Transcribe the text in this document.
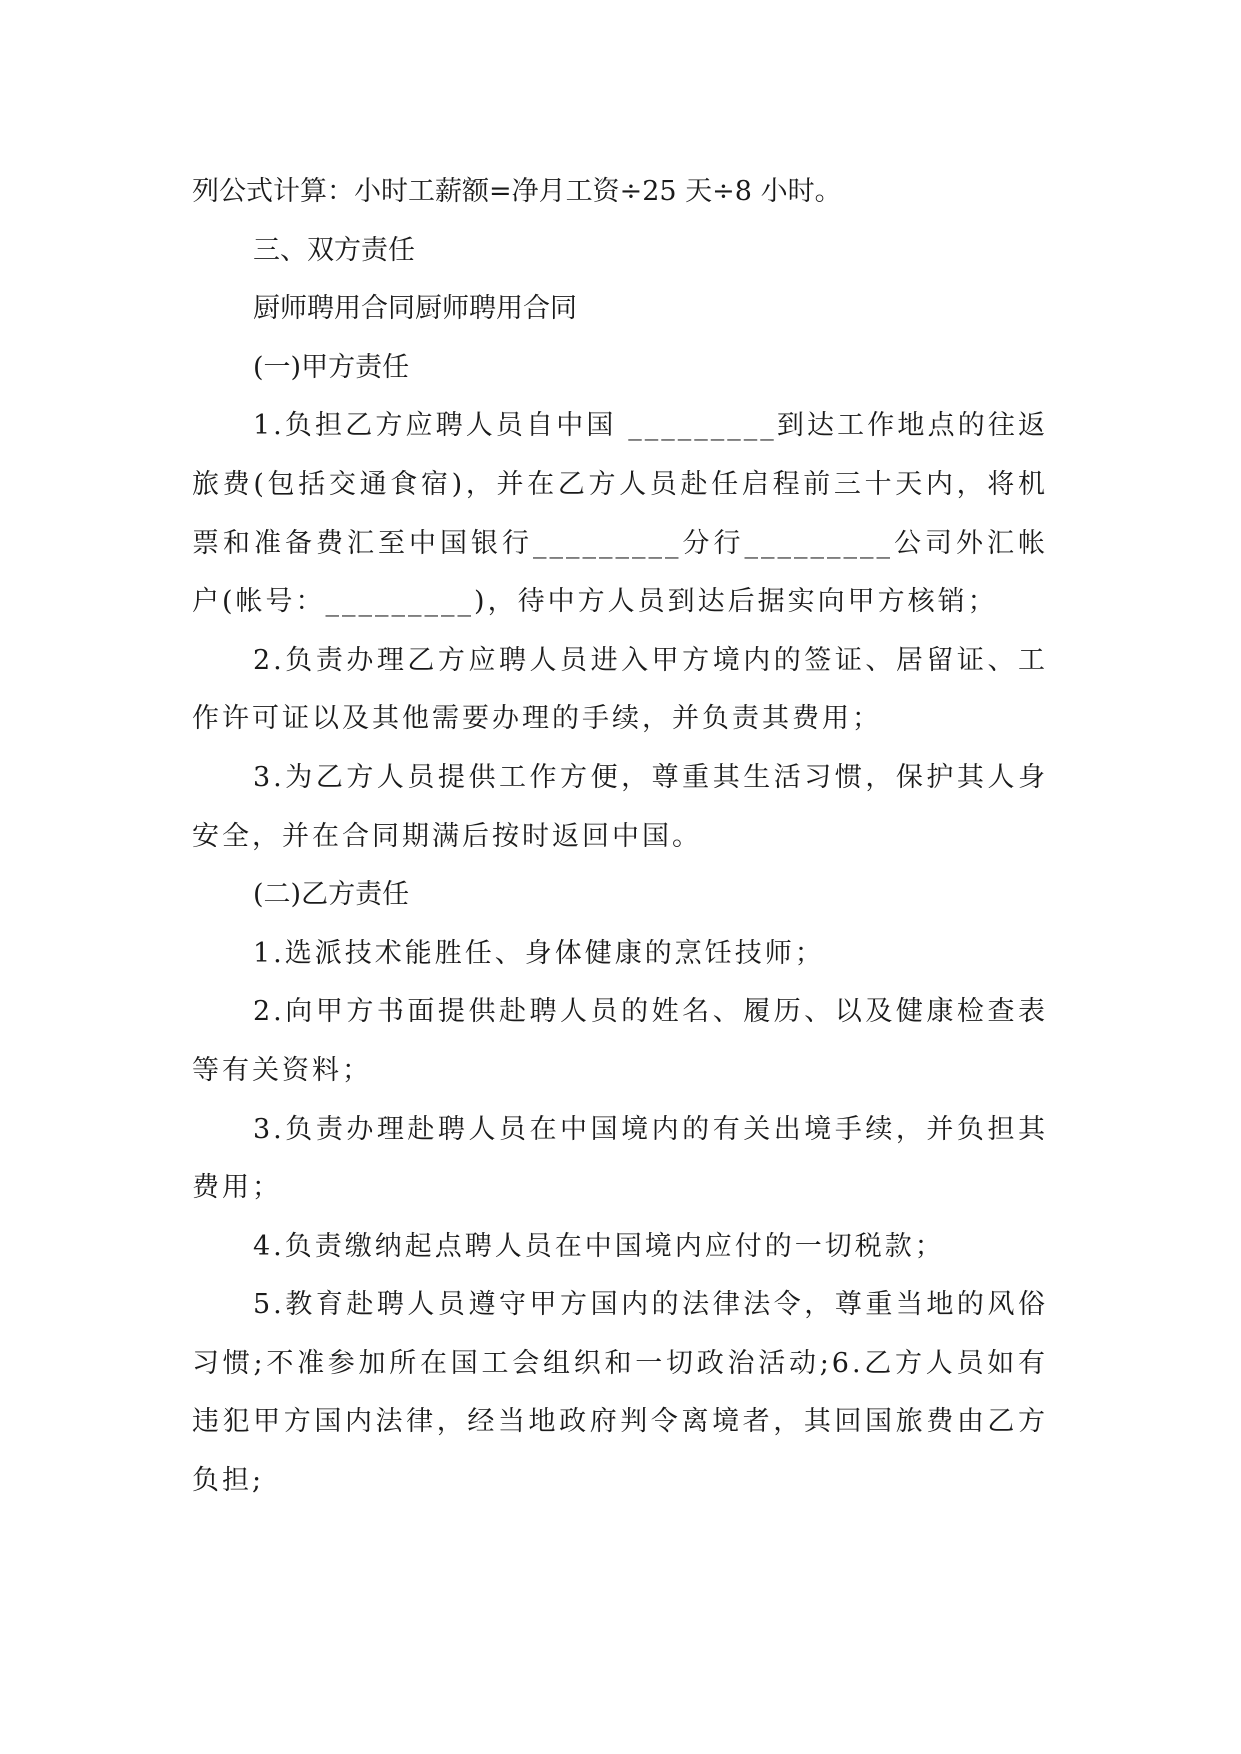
列公式计算：小时工薪额=净月工资÷25 天÷8 小时。

三、双方责任

厨师聘用合同厨师聘用合同

(一)甲方责任

1.负担乙方应聘人员自中国 _________到达工作地点的往返旅费(包括交通食宿)，并在乙方人员赴任启程前三十天内，将机票和准备费汇至中国银行_________分行_________公司外汇帐户(帐号：_________)，待中方人员到达后据实向甲方核销；

2.负责办理乙方应聘人员进入甲方境内的签证、居留证、工作许可证以及其他需要办理的手续，并负责其费用；

3.为乙方人员提供工作方便，尊重其生活习惯，保护其人身安全，并在合同期满后按时返回中国。

(二)乙方责任

1.选派技术能胜任、身体健康的烹饪技师；

2.向甲方书面提供赴聘人员的姓名、履历、以及健康检查表等有关资料；

3.负责办理赴聘人员在中国境内的有关出境手续，并负担其费用；

4.负责缴纳起点聘人员在中国境内应付的一切税款；

5.教育赴聘人员遵守甲方国内的法律法令，尊重当地的风俗习惯;不准参加所在国工会组织和一切政治活动;6.乙方人员如有违犯甲方国内法律，经当地政府判令离境者，其回国旅费由乙方负担;
